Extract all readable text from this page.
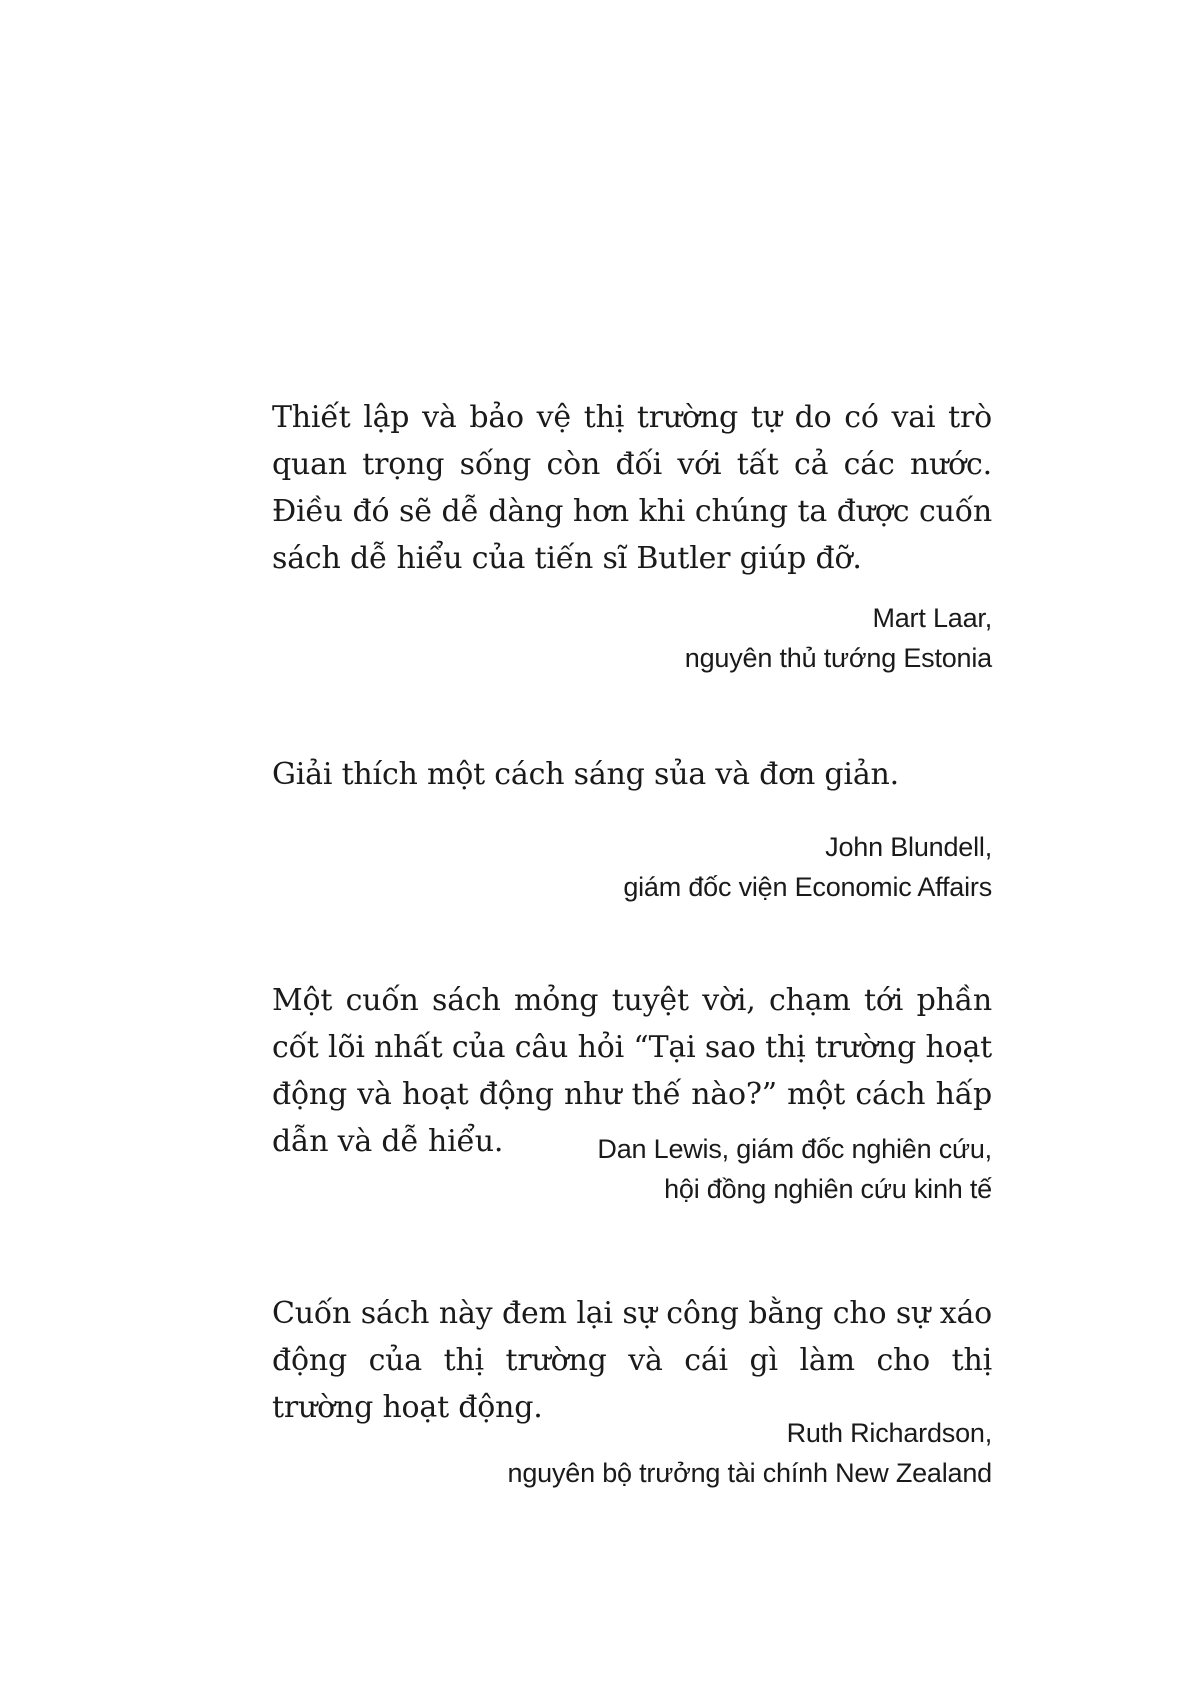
Thiết lập và bảo vệ thị trường tự do có vai trò quan trọng sống còn đối với tất cả các nước. Điều đó sẽ dễ dàng hơn khi chúng ta được cuốn sách dễ hiểu của tiến sĩ Butler giúp đỡ.

Mart Laar,
nguyên thủ tướng Estonia

Giải thích một cách sáng sủa và đơn giản.

John Blundell,
giám đốc viện Economic Affairs

Một cuốn sách mỏng tuyệt vời, chạm tới phần cốt lõi nhất của câu hỏi “Tại sao thị trường hoạt động và hoạt động như thế nào?” một cách hấp dẫn và dễ hiểu.	Dan Lewis, giám đốc nghiên cứu,
hội đồng nghiên cứu kinh tế

Cuốn sách này đem lại sự công bằng cho sự xáo động của thị trường và cái gì làm cho thị trường hoạt động.

Ruth Richardson,
nguyên bộ trưởng tài chính New Zealand
